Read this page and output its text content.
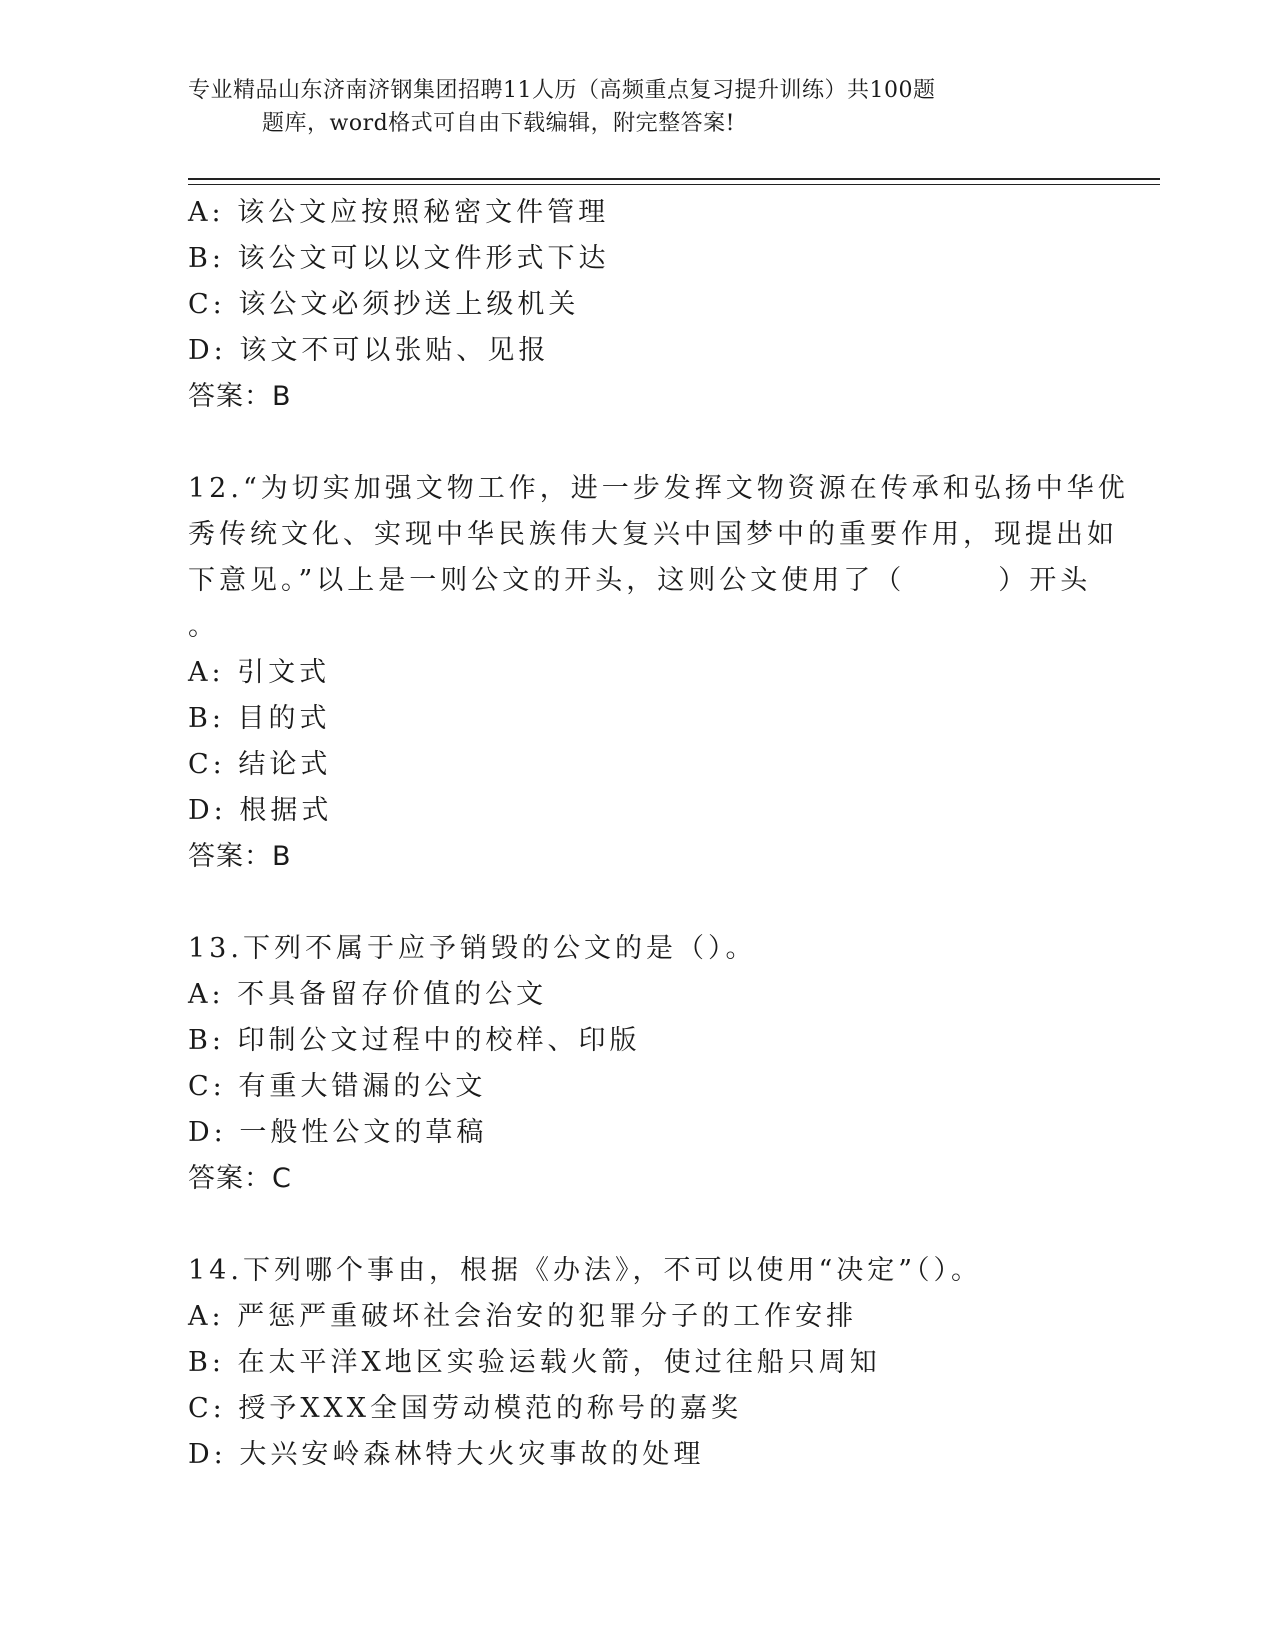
专业精品山东济南济钢集团招聘11人历（高频重点复习提升训练）共100题
题库，word格式可自由下载编辑，附完整答案!
A: 该公文应按照秘密文件管理
B: 该公文可以以文件形式下达
C: 该公文必须抄送上级机关
D: 该文不可以张贴、见报
答案：B
12.“为切实加强文物工作，进一步发挥文物资源在传承和弘扬中华优
秀传统文化、实现中华民族伟大复兴中国梦中的重要作用，现提出如
下意见。”以上是一则公文的开头，这则公文使用了（　　　）开头
。
A: 引文式
B: 目的式
C: 结论式
D: 根据式
答案：B
13.下列不属于应予销毁的公文的是（）。
A: 不具备留存价值的公文
B: 印制公文过程中的校样、印版
C: 有重大错漏的公文
D: 一般性公文的草稿
答案：C
14.下列哪个事由，根据《办法》，不可以使用“决定”（）。
A: 严惩严重破坏社会治安的犯罪分子的工作安排
B: 在太平洋X地区实验运载火箭，使过往船只周知
C: 授予XXX全国劳动模范的称号的嘉奖
D: 大兴安岭森林特大火灾事故的处理
